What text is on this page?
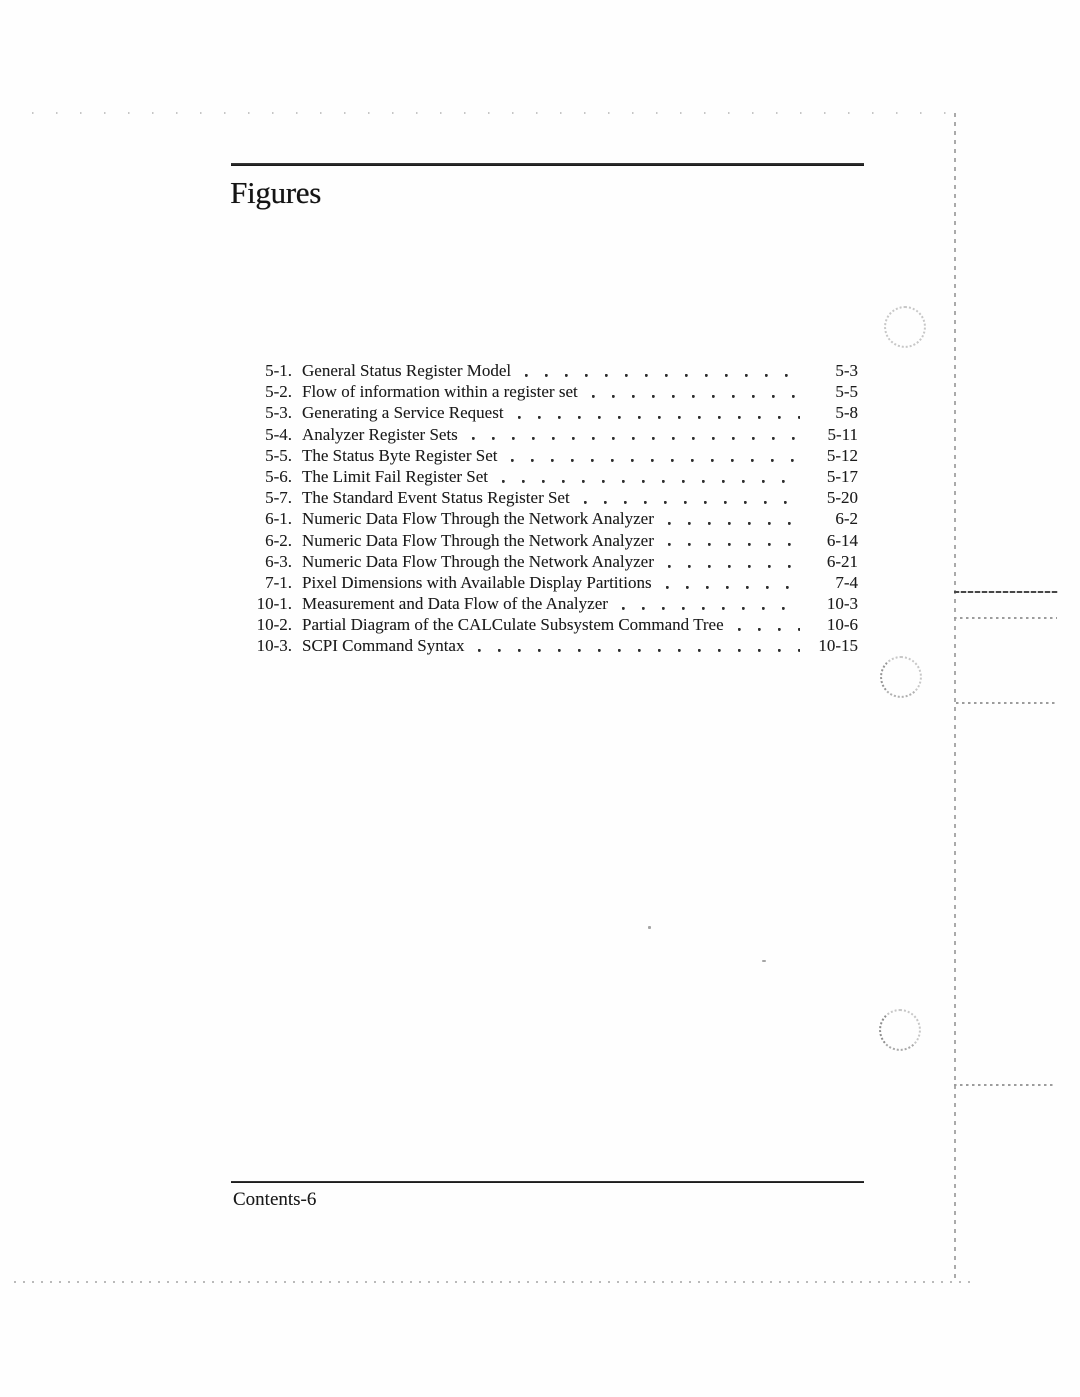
Figures
5-1. General Status Register Model	5-3
5-2. Flow of information within a register set	5-5
5-3. Generating a Service Request	5-8
5-4. Analyzer Register Sets	5-11
5-5. The Status Byte Register Set	5-12
5-6. The Limit Fail Register Set	5-17
5-7. The Standard Event Status Register Set	5-20
6-1. Numeric Data Flow Through the Network Analyzer	6-2
6-2. Numeric Data Flow Through the Network Analyzer	6-14
6-3. Numeric Data Flow Through the Network Analyzer	6-21
7-1. Pixel Dimensions with Available Display Partitions	7-4
10-1. Measurement and Data Flow of the Analyzer	10-3
10-2. Partial Diagram of the CALCulate Subsystem Command Tree	10-6
10-3. SCPI Command Syntax	10-15
Contents-6
